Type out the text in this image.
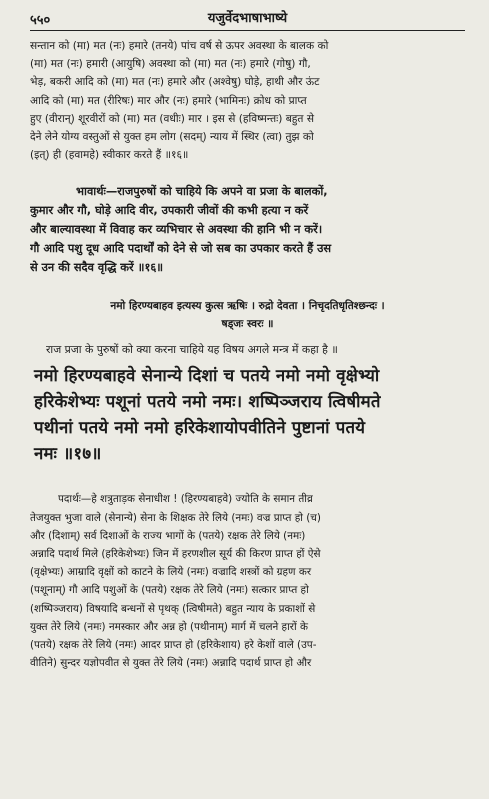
५५०	यजुर्वेदभाषाभाष्ये

सन्तान को (मा) मत (नः) हमारे (तनये) पांच वर्ष से ऊपर अवस्था के बालक को

(मा) मत (नः) हमारी (आयुषि) अवस्था को (मा) मत (नः) हमारे (गोषु) गौ,

भेड़, बकरी आदि को (मा) मत (नः) हमारे और (अश्वेषु) घोड़े, हाथी और ऊंट

आदि को (मा) मत (रीरिषः) मार और (नः) हमारे (भामिनः) क्रोध को प्राप्त

हुए (वीरान्) शूरवीरों को (मा) मत (वधीः) मार । इस से (हविष्मन्तः) बहुत से

देने लेने योग्य वस्तुओं से युक्त हम लोग (सदम्) न्याय में स्थिर (त्वा) तुझ को

(इत्) ही (हवामहे) स्वीकार करते हैं ॥१६॥

भावार्थः—राजपुरुषों को चाहिये कि अपने वा प्रजा के बालकों,

कुमार और गौ, घोड़े आदि वीर, उपकारी जीवों की कभी हत्या न करें

और बाल्यावस्था में विवाह कर व्यभिचार से अवस्था की हानि भी न करें।

गौ आदि पशु दूध आदि पदार्थों को देने से जो सब का उपकार करते हैं उस

से उन की सदैव वृद्धि करें ॥१६॥

नमो हिरण्यबाहव इत्यस्य कुत्स ऋषिः । रुद्रो देवता । निचृदतिधृतिश्छन्दः ।

षड्जः स्वरः ॥

राज प्रजा के पुरुषों को क्या करना चाहिये यह विषय अगले मन्त्र में कहा है ॥

नमो हिरण्यबाहवे सेनान्ये दिशां च पतये नमो नमो वृक्षेभ्यो

हरिकेशेभ्यः पशूनां पतये नमो नमः। शष्पिञ्जराय त्विषीमते

पथीनां पतये नमो नमो हरिकेशायोपवीतिने पुष्टानां पतये

नमः ॥१७॥

पदार्थः—हे शत्रुताड़क सेनाधीश ! (हिरण्यबाहवे) ज्योति के समान तीव्र

तेजयुक्त भुजा वाले (सेनान्ये) सेना के शिक्षक तेरे लिये (नमः) वज्र प्राप्त हो (च)

और (दिशाम्) सर्व दिशाओं के राज्य भागों के (पतये) रक्षक तेरे लिये (नमः)

अन्नादि पदार्थ मिले (हरिकेशेभ्यः) जिन में हरणशील सूर्य की किरण प्राप्त हों ऐसे

(वृक्षेभ्यः) आम्रादि वृक्षों को काटने के लिये (नमः) वज्रादि शस्त्रों को ग्रहण कर

(पशूनाम्) गौ आदि पशुओं के (पतये) रक्षक तेरे लिये (नमः) सत्कार प्राप्त हो

(शष्पिञ्जराय) विषयादि बन्धनों से पृथक् (त्विषीमते) बहुत न्याय के प्रकाशों से

युक्त तेरे लिये (नमः) नमस्कार और अन्न हो (पथीनाम्) मार्ग में चलने हारों के

(पतये) रक्षक तेरे लिये (नमः) आदर प्राप्त हो (हरिकेशाय) हरे केशों वाले (उप-

वीतिने) सुन्दर यज्ञोपवीत से युक्त तेरे लिये (नमः) अन्नादि पदार्थ प्राप्त हो और
